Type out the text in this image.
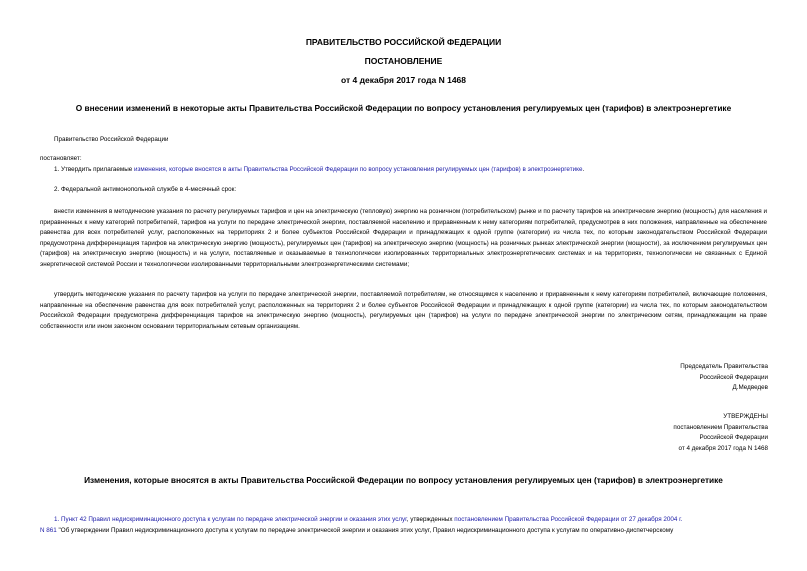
ПРАВИТЕЛЬСТВО РОССИЙСКОЙ ФЕДЕРАЦИИ
ПОСТАНОВЛЕНИЕ
от 4 декабря 2017 года N 1468
О внесении изменений в некоторые акты Правительства Российской Федерации по вопросу установления регулируемых цен (тарифов) в электроэнергетике
Правительство Российской Федерации
постановляет:
1. Утвердить прилагаемые изменения, которые вносятся в акты Правительства Российской Федерации по вопросу установления регулируемых цен (тарифов) в электроэнергетике.
2. Федеральной антимонопольной службе в 4-месячный срок:
внести изменения в методические указания по расчету регулируемых тарифов и цен на электрическую (тепловую) энергию на розничном (потребительском) рынке и по расчету тарифов на электрические энергию (мощность) для населения и приравненных к нему категорий потребителей, тарифов на услуги по передаче электрической энергии, поставляемой населению и приравненным к нему категориям потребителей, предусмотрев в них положения, направленные на обеспечение равенства для всех потребителей услуг, расположенных на территориях 2 и более субъектов Российской Федерации и принадлежащих к одной группе (категории) из числа тех, по которым законодательством Российской Федерации предусмотрена дифференциация тарифов на электрическую энергию (мощность), регулируемых цен (тарифов) на электрическую энергию (мощность) на розничных рынках электрической энергии (мощности), за исключением регулируемых цен (тарифов) на электрическую энергию (мощность) и на услуги, поставляемые и оказываемые в технологически изолированных территориальных электроэнергетических системах и на территориях, технологически не связанных с Единой энергетической системой России и технологически изолированными территориальными электроэнергетическими системами;
утвердить методические указания по расчету тарифов на услуги по передаче электрической энергии, поставляемой потребителям, не относящимся к населению и приравненным к нему категориям потребителей, включающие положения, направленные на обеспечение равенства для всех потребителей услуг, расположенных на территориях 2 и более субъектов Российской Федерации и принадлежащих к одной группе (категории) из числа тех, по которым законодательством Российской Федерации предусмотрена дифференциация тарифов на электрическую энергию (мощность), регулируемых цен (тарифов) на услуги по передаче электрической энергии по электрическим сетям, принадлежащим на праве собственности или ином законном основании территориальным сетевым организациям.
Председатель Правительства
Российской Федерации
Д.Медведев
УТВЕРЖДЕНЫ
постановлением Правительства
Российской Федерации
от 4 декабря 2017 года N 1468
Изменения, которые вносятся в акты Правительства Российской Федерации по вопросу установления регулируемых цен (тарифов) в электроэнергетике
1. Пункт 42 Правил недискриминационного доступа к услугам по передаче электрической энергии и оказания этих услуг, утвержденных постановлением Правительства Российской Федерации от 27 декабря 2004 г.
N 861 "Об утверждении Правил недискриминационного доступа к услугам по передаче электрической энергии и оказания этих услуг, Правил недискриминационного доступа к услугам по оперативно-диспетчерскому
